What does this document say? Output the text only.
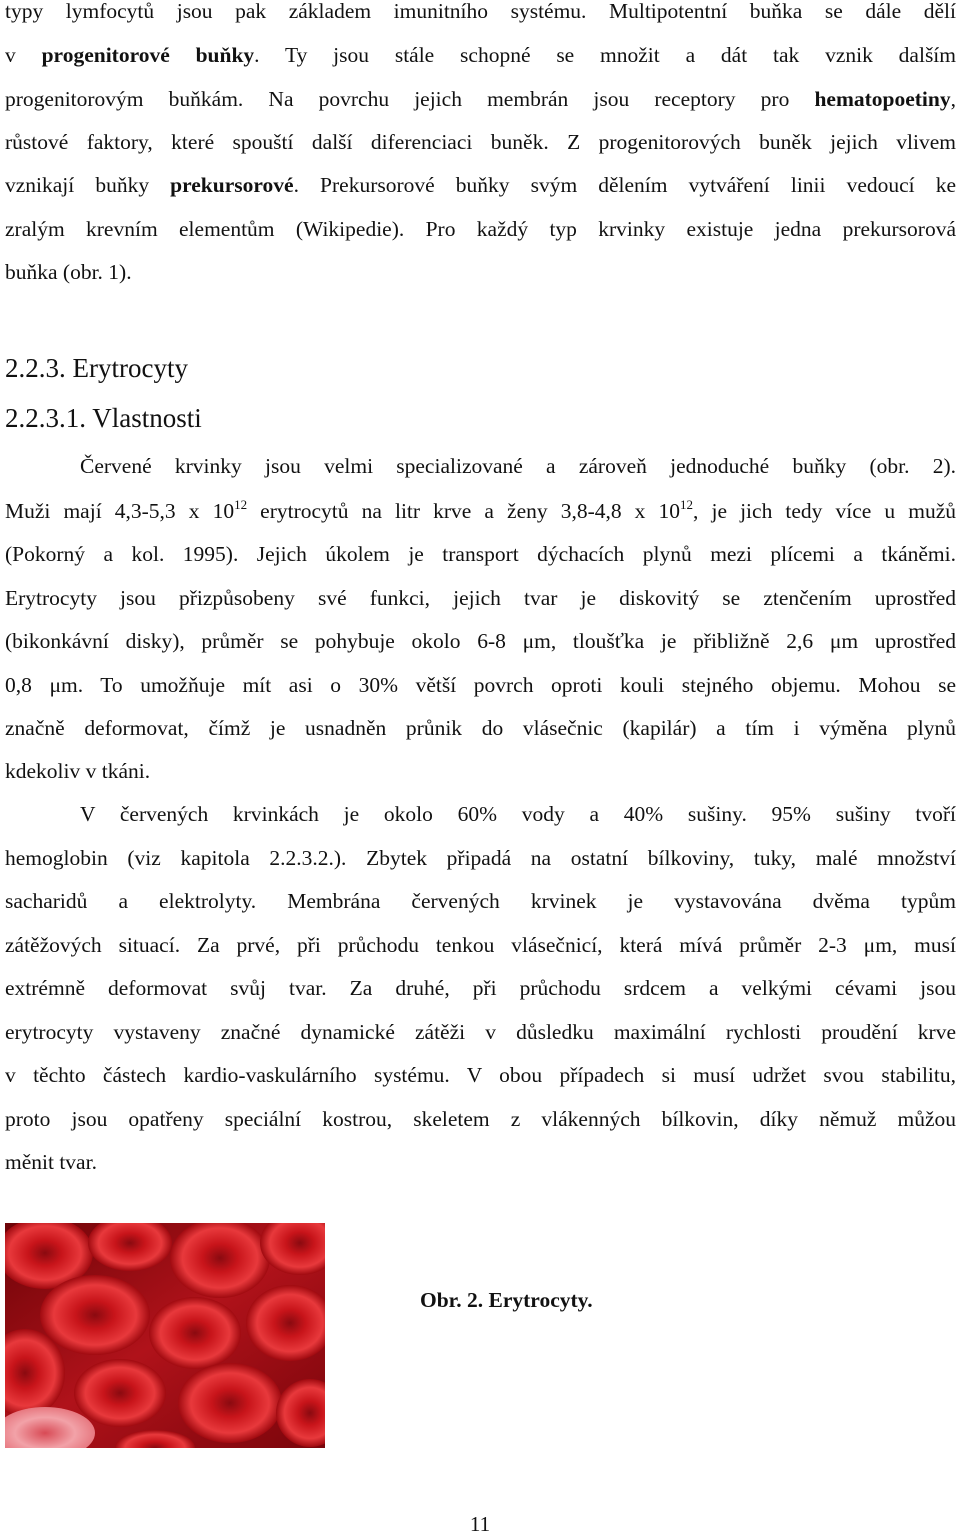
typy lymfocytů jsou pak základem imunitního systému. Multipotentní buňka se dále dělí
v progenitorové buňky. Ty jsou stále schopné se množit a dát tak vznik dalším
progenitorovým buňkám. Na povrchu jejich membrán jsou receptory pro hematopoetiny,
růstové faktory, které spouští další diferenciaci buněk. Z progenitorových buněk jejich vlivem
vznikají buňky prekursorové. Prekursorové buňky svým dělením vytváření linii vedoucí ke
zralým krevním elementům (Wikipedie). Pro každý typ krvinky existuje jedna prekursorová
buňka (obr. 1).
2.2.3. Erytrocyty
2.2.3.1. Vlastnosti
Červené krvinky jsou velmi specializované a zároveň jednoduché buňky (obr. 2).
Muži mají 4,3-5,3 x $10^{12}$ erytrocytů na litr krve a ženy 3,8-4,8 x $10^{12}$, je jich tedy více u mužů
(Pokorný a kol. 1995). Jejich úkolem je transport dýchacích plynů mezi plícemi a tkáněmi.
Erytrocyty jsou přizpůsobeny své funkci, jejich tvar je diskovitý se ztenčením uprostřed
(bikonkávní disky), průměr se pohybuje okolo 6-8 μm, tloušťka je přibližně 2,6 μm uprostřed
0,8 μm. To umožňuje mít asi o 30% větší povrch oproti kouli stejného objemu. Mohou se
značně deformovat, čímž je usnadněn průnik do vlásečnic (kapilár) a tím i výměna plynů
kdekoliv v tkáni.
V červených krvinkách je okolo 60% vody a 40% sušiny. 95% sušiny tvoří
hemoglobin (viz kapitola 2.2.3.2.). Zbytek připadá na ostatní bílkoviny, tuky, malé množství
sacharidů a elektrolyty. Membrána červených krvinek je vystavována dvěma typům
zátěžových situací. Za prvé, při průchodu tenkou vlásečnicí, která mívá průměr 2-3 μm, musí
extrémně deformovat svůj tvar. Za druhé, při průchodu srdcem a velkými cévami jsou
erytrocyty vystaveny značné dynamické zátěži v důsledku maximální rychlosti proudění krve
v těchto částech kardio-vaskulárního systému. V obou případech si musí udržet svou stabilitu,
proto jsou opatřeny speciální kostrou, skeletem z vlákenných bílkovin, díky němuž můžou
měnit tvar.
Obr. 2. Erytrocyty.
11
